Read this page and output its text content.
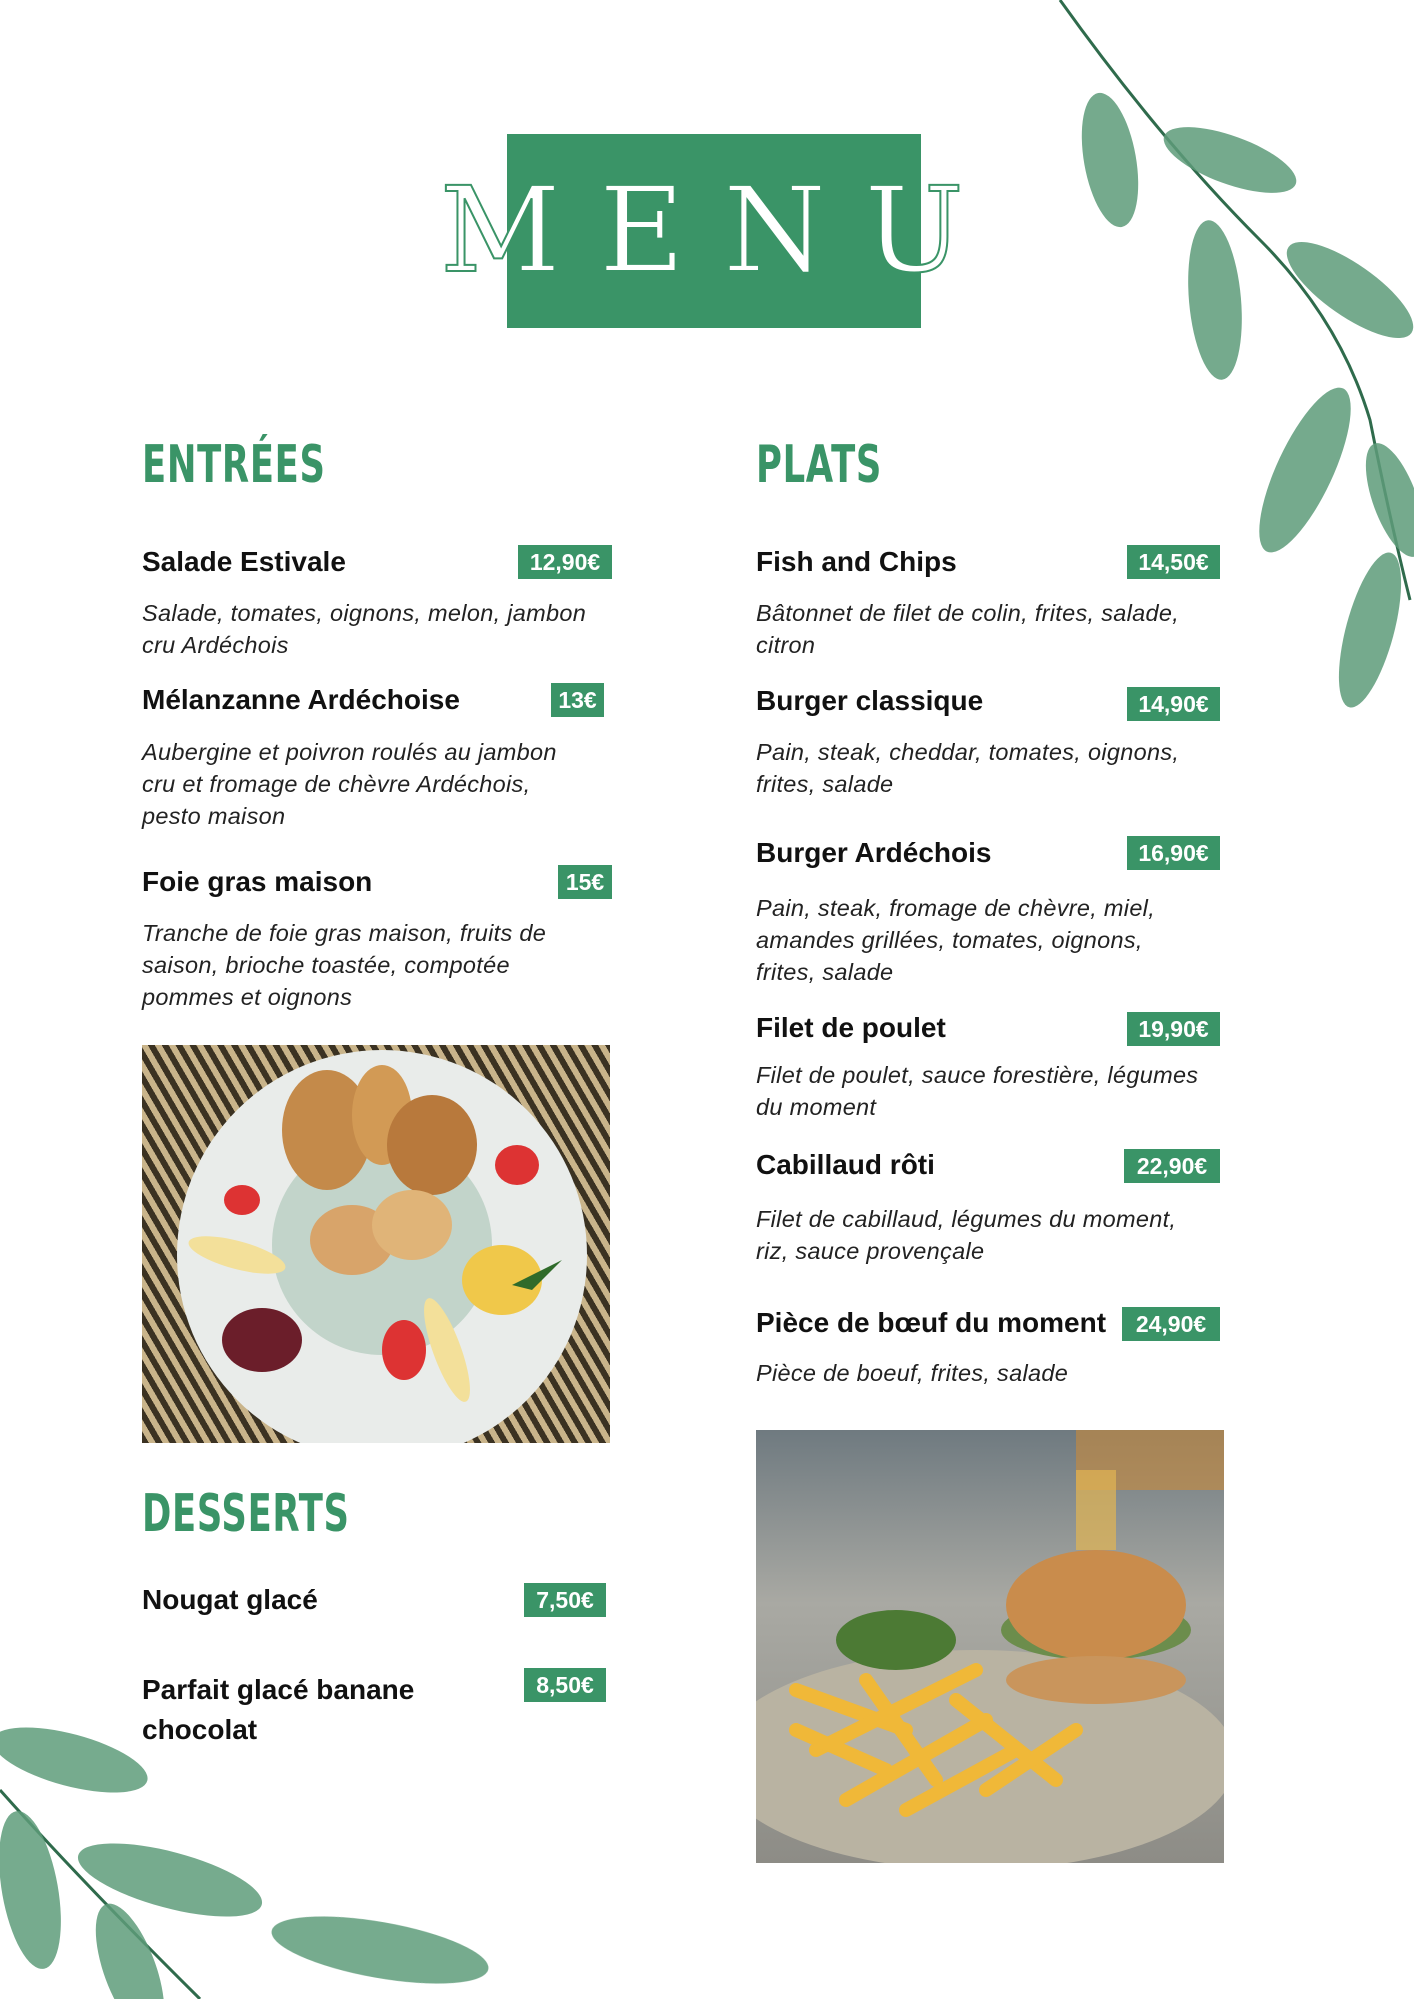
MENU
ENTRÉES
Salade Estivale	12,90€
Salade, tomates, oignons, melon, jambon
cru Ardéchois
Mélanzanne Ardéchoise	13€
Aubergine et poivron roulés au jambon
cru et fromage de chèvre Ardéchois,
pesto maison
Foie gras maison	15€
Tranche de foie gras maison, fruits de
saison, brioche toastée, compotée
pommes et oignons
DESSERTS
Nougat glacé	7,50€
Parfait glacé banane
chocolat
8,50€
PLATS
Fish and Chips	14,50€
Bâtonnet de filet de colin, frites, salade,
citron
Burger classique	14,90€
Pain, steak, cheddar, tomates, oignons,
frites, salade
Burger Ardéchois	16,90€
Pain, steak, fromage de chèvre, miel,
amandes grillées, tomates, oignons,
frites, salade
Filet de poulet	19,90€
Filet de poulet, sauce forestière, légumes
du moment
Cabillaud rôti	22,90€
Filet de cabillaud, légumes du moment,
riz, sauce provençale
Pièce de bœuf du moment	24,90€
Pièce de boeuf, frites, salade
